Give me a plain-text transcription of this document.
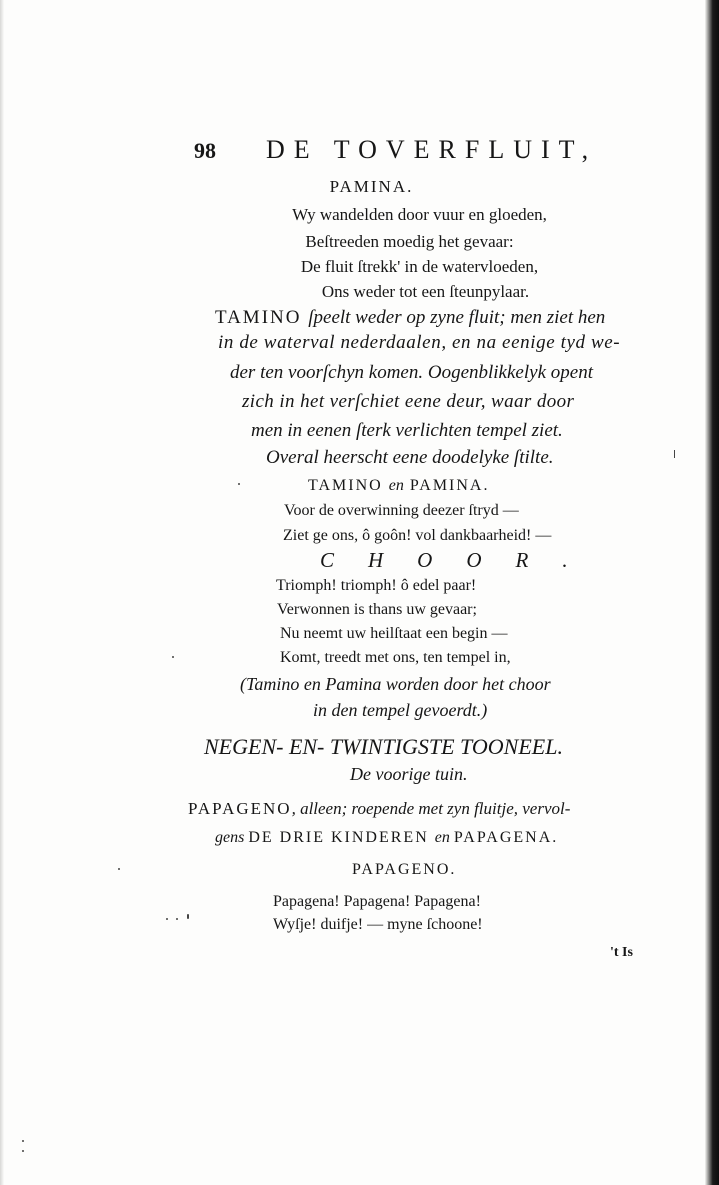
98 DE TOVERFLUIT,
PAMINA.
Wy wandelden door vuur en gloeden,
Beſtreeden moedig het gevaar:
De fluit ſtrekk' in de watervloeden,
Ons weder tot een ſteunpylaar.
TAMINO ſpeelt weder op zyne fluit; men ziet hen
in de waterval nederdaalen, en na eenige tyd we-
der ten voorſchyn komen. Oogenblikkelyk opent
zich in het verſchiet eene deur, waar door
men in eenen ſterk verlichten tempel ziet.
Overal heerscht eene doodelyke ſtilte.
TAMINO en PAMINA.
Voor de overwinning deezer ſtryd —
Ziet ge ons, ô goôn! vol dankbaarheid! —
CHOOR.
Triomph! triomph! ô edel paar!
Verwonnen is thans uw gevaar;
Nu neemt uw heilſtaat een begin —
Komt, treedt met ons, ten tempel in,
(Tamino en Pamina worden door het choor
in den tempel gevoerdt.)
NEGEN- EN- TWINTIGSTE TOONEEL.
De voorige tuin.
PAPAGENO, alleen; roepende met zyn fluitje, vervol-
gens DE DRIE KINDEREN en PAPAGENA.
PAPAGENO.
Papagena! Papagena! Papagena!
Wyſje! duifje! — myne ſchoone!
't Is
